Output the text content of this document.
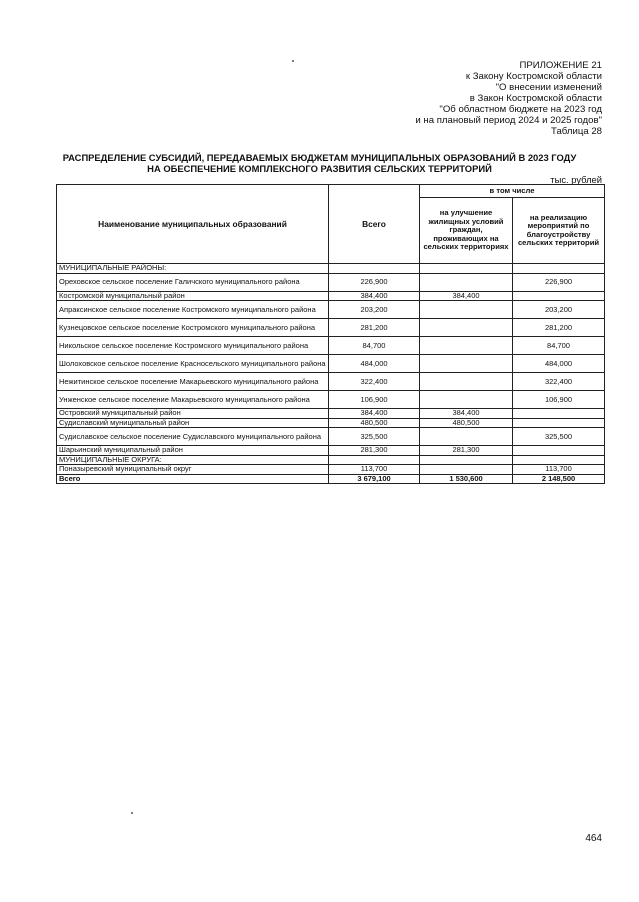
ПРИЛОЖЕНИЕ 21
к Закону Костромской области
"О внесении изменений
в Закон Костромской области
"Об областном бюджете на 2023 год
и на плановый период 2024 и 2025 годов"
Таблица 28
РАСПРЕДЕЛЕНИЕ СУБСИДИЙ, ПЕРЕДАВАЕМЫХ БЮДЖЕТАМ МУНИЦИПАЛЬНЫХ ОБРАЗОВАНИЙ В 2023 ГОДУ
НА ОБЕСПЕЧЕНИЕ КОМПЛЕКСНОГО РАЗВИТИЯ СЕЛЬСКИХ ТЕРРИТОРИЙ
тыс. рублей
Наименование муниципальных образований	Всего	в том числе	
		на улучшение жилищных условий граждан, проживающих на сельских территориях	на реализацию мероприятий по благоустройству сельских территорий
МУНИЦИПАЛЬНЫЕ РАЙОНЫ:			
Ореховское сельское поселение Галичского муниципального района	226,900		226,900
Костромской муниципальный район	384,400	384,400	
Апраксинское сельское поселение Костромского муниципального района	203,200		203,200
Кузнецовское сельское поселение Костромского муниципального района	281,200		281,200
Никольское сельское поселение Костромского муниципального района	84,700		84,700
Шолоховское сельское поселение Красносельского муниципального района	484,000		484,000
Нежитинское сельское поселение Макарьевского муниципального района	322,400		322,400
Унженское сельское поселение Макарьевского муниципального района	106,900		106,900
Островский муниципальный район	384,400	384,400	
Судиславский муниципальный район	480,500	480,500	
Судиславское сельское поселение Судиславского муниципального района	325,500		325,500
Шарьинский муниципальный район	281,300	281,300	
МУНИЦИПАЛЬНЫЕ ОКРУГА:			
Поназыревский муниципальный округ	113,700		113,700
Всего	3 679,100	1 530,600	2 148,500
464
